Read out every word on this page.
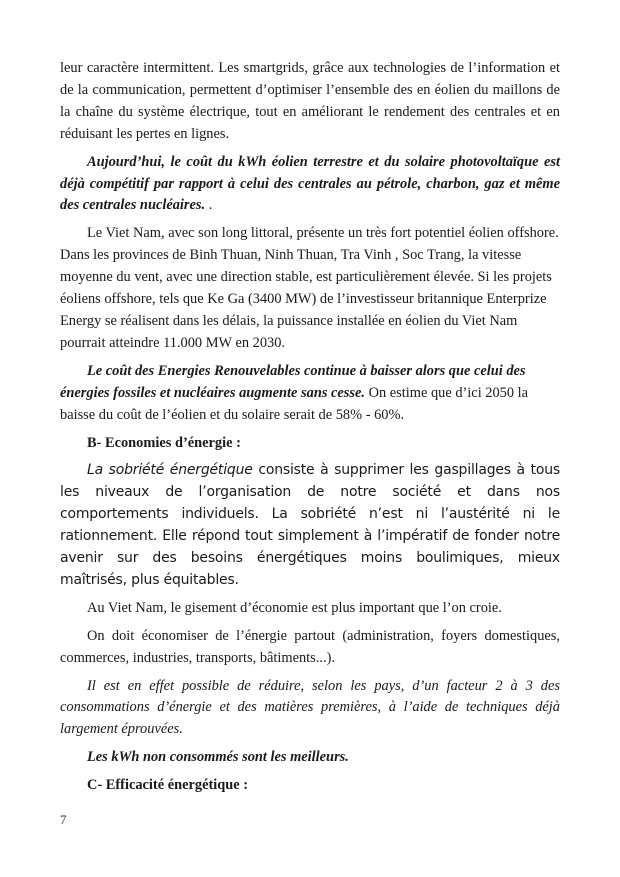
leur caractère intermittent. Les smartgrids, grâce aux technologies de l’information et de la communication, permettent d’optimiser l’ensemble des en éolien du maillons de la chaîne du système électrique, tout en améliorant le rendement des centrales et en réduisant les pertes en lignes.

Aujourd’hui, le coût du kWh éolien terrestre et du solaire photovoltaïque est déjà compétitif par rapport à celui des centrales au pétrole, charbon, gaz et même des centrales nucléaires. .

Le Viet Nam, avec son long littoral, présente un très fort potentiel éolien offshore. Dans les provinces de Binh Thuan, Ninh Thuan, Tra Vinh , Soc Trang, la vitesse moyenne du vent, avec une direction stable, est particulièrement élevée. Si les projets éoliens offshore, tels que Ke Ga (3400 MW) de l’investisseur britannique Enterprize Energy se réalisent dans les délais, la puissance installée en éolien du Viet Nam pourrait atteindre 11.000 MW en 2030.

Le coût des Energies Renouvelables continue à baisser alors que celui des énergies fossiles et nucléaires augmente sans cesse. On estime que d’ici 2050 la baisse du coût de l’éolien et du solaire serait de 58% - 60%.

B- Economies d’énergie :

La sobriété énergétique consiste à supprimer les gaspillages à tous les niveaux de l’organisation de notre société et dans nos comportements individuels. La sobriété n’est ni l’austérité ni le rationnement. Elle répond tout simplement à l’impératif de fonder notre avenir sur des besoins énergétiques moins boulimiques, mieux maîtrisés, plus équitables.

Au Viet Nam, le gisement d’économie est plus important que l’on croie.

On doit économiser de l’énergie partout (administration, foyers domestiques, commerces, industries, transports, bâtiments...).

Il est en effet possible de réduire, selon les pays, d’un facteur 2 à 3 des consommations d’énergie et des matières premières, à l’aide de techniques déjà largement éprouvées.

Les kWh non consommés sont les meilleurs.

C- Efficacité énergétique :

7
